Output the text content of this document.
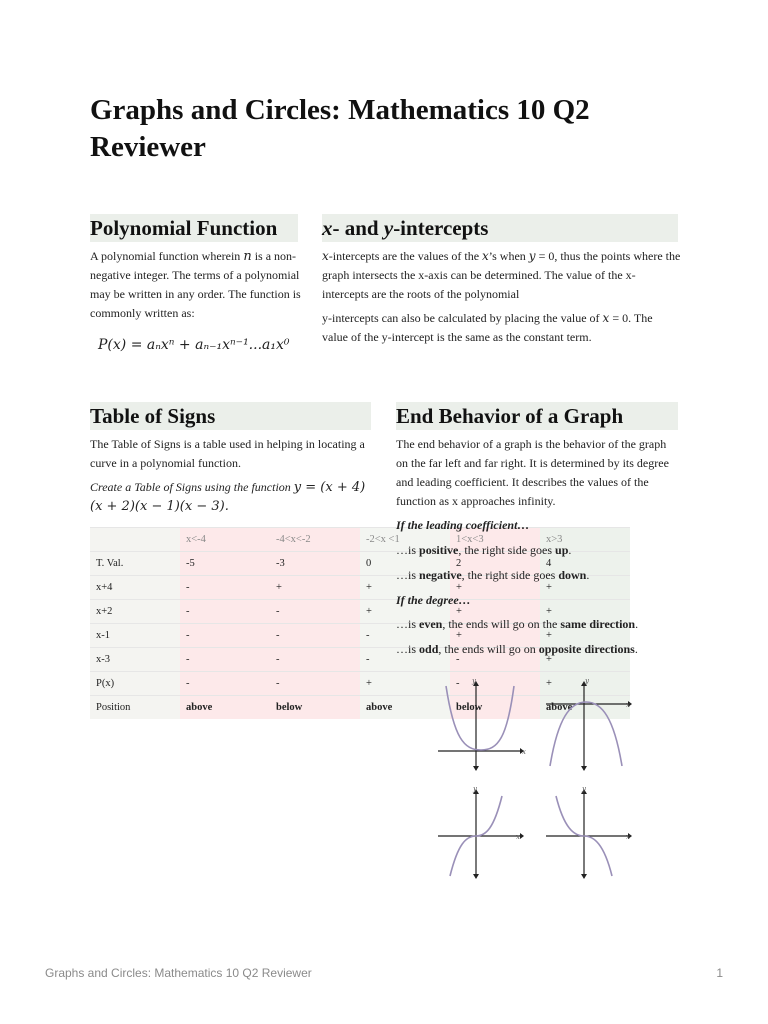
Graphs and Circles: Mathematics 10 Q2 Reviewer
Polynomial Function

A polynomial function wherein n is a non-negative integer. The terms of a polynomial may be written in any order. The function is commonly written as:

P(x) = aₙxⁿ + aₙ₋₁xⁿ⁻¹...a₁x⁰
x- and y-intercepts

𝑥-intercepts are the values of the 𝑥’s when 𝑦 = 0, thus the points where the graph intersects the x-axis can be determined. The value of the x-intercepts are the roots of the polynomial

y-intercepts can also be calculated by placing the value of 𝑥 = 0. The value of the y-intercept is the same as the constant term.

Table of Signs

The Table of Signs is a table used in helping in locating a curve in a polynomial function.

Create a Table of Signs using the function y = (x + 4)(x + 2)(x − 1)(x − 3).

	x<-4	-4<x<-2	-2<x <1	1<x<3	x>3
T. Val.	-5	-3	0	2	4
x+4	-	+	+	+	+
x+2	-	-	+	+	+
x-1	-	-	-	+	+
x-3	-	-	-	-	+
P(x)	-	-	+	-	+
Position	above	below	above	below	above
End Behavior of a Graph

The end behavior of a graph is the behavior of the graph on the far left and far right. It is determined by its degree and leading coefficient. It describes the values of the function as x approaches infinity.

If the leading coefficient…

…is positive, the right side goes up.

…is negative, the right side goes down.

If the degree…

…is even, the ends will go on the same direction.

…is odd, the ends will go on opposite directions.

x
y
x
y
x
y
x
y
Graphs and Circles: Mathematics 10 Q2 Reviewer	1
